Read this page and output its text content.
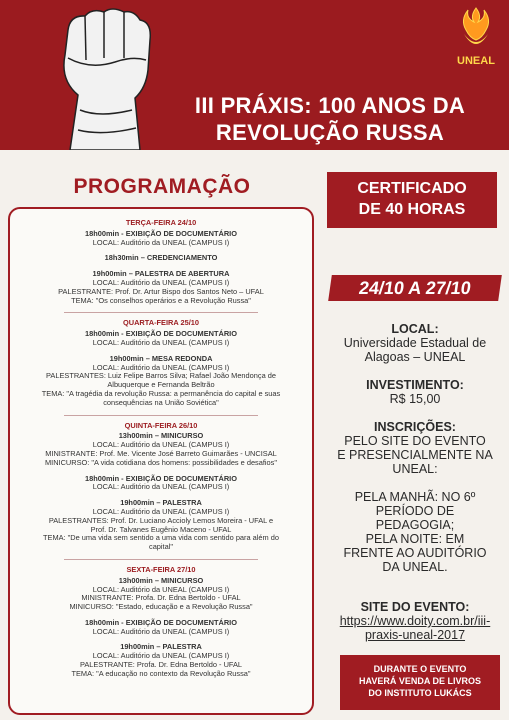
III PRÁXIS: 100 ANOS DA
REVOLUÇÃO RUSSA
UNEAL
PROGRAMAÇÃO
TERÇA-FEIRA 24/10
18h00min - EXIBIÇÃO DE DOCUMENTÁRIO
LOCAL: Auditório da UNEAL (CAMPUS I)
18h30min – CREDENCIAMENTO
19h00min – PALESTRA DE ABERTURA
LOCAL: Auditório da UNEAL (CAMPUS I)
PALESTRANTE: Prof. Dr. Artur Bispo dos Santos Neto – UFAL
TEMA: "Os conselhos operários e a Revolução Russa"
QUARTA-FEIRA 25/10
18h00min - EXIBIÇÃO DE DOCUMENTÁRIO
LOCAL: Auditório da UNEAL (CAMPUS I)
19h00min – MESA REDONDA
LOCAL: Auditório da UNEAL (CAMPUS I)
PALESTRANTES: Luiz Felipe Barros Silva; Rafael João Mendonça de
Albuquerque e Fernanda Beltrão
TEMA: "A tragédia da revolução Russa: a permanência do capital e suas
consequências na União Soviética"
QUINTA-FEIRA 26/10
13h00min – MINICURSO
LOCAL: Auditório da UNEAL (CAMPUS I)
MINISTRANTE: Prof. Me. Vicente José Barreto Guimarães - UNCISAL
MINICURSO: "A vida cotidiana dos homens: possibilidades e desafios"
18h00min - EXIBIÇÃO DE DOCUMENTÁRIO
LOCAL: Auditório da UNEAL (CAMPUS I)
19h00min – PALESTRA
LOCAL: Auditório da UNEAL (CAMPUS I)
PALESTRANTES: Prof. Dr. Luciano Accioly Lemos Moreira - UFAL e
Prof. Dr. Talvanes Eugênio Maceno - UFAL
TEMA: "De uma vida sem sentido a uma vida com sentido para além do
capital"
SEXTA-FEIRA 27/10
13h00min – MINICURSO
LOCAL: Auditório da UNEAL (CAMPUS I)
MINISTRANTE: Profa. Dr. Edna Bertoldo - UFAL
MINICURSO: "Estado, educação e a Revolução Russa"
18h00min - EXIBIÇÃO DE DOCUMENTÁRIO
LOCAL: Auditório da UNEAL (CAMPUS I)
19h00min – PALESTRA
LOCAL: Auditório da UNEAL (CAMPUS I)
PALESTRANTE: Profa. Dr. Edna Bertoldo - UFAL
TEMA: "A educação no contexto da Revolução Russa"
CERTIFICADO
DE 40 HORAS
24/10 A 27/10
LOCAL:
Universidade Estadual de
Alagoas – UNEAL
INVESTIMENTO:
R$ 15,00
INSCRIÇÕES:
PELO SITE DO EVENTO
E PRESENCIALMENTE NA
UNEAL:
PELA MANHÃ: NO 6º
PERÍODO DE
PEDAGOGIA;
PELA NOITE: EM
FRENTE AO AUDITÓRIO
DA UNEAL.
SITE DO EVENTO:
https://www.doity.com.br/iii-
praxis-uneal-2017
DURANTE O EVENTO
HAVERÁ VENDA DE LIVROS
DO INSTITUTO LUKÁCS
